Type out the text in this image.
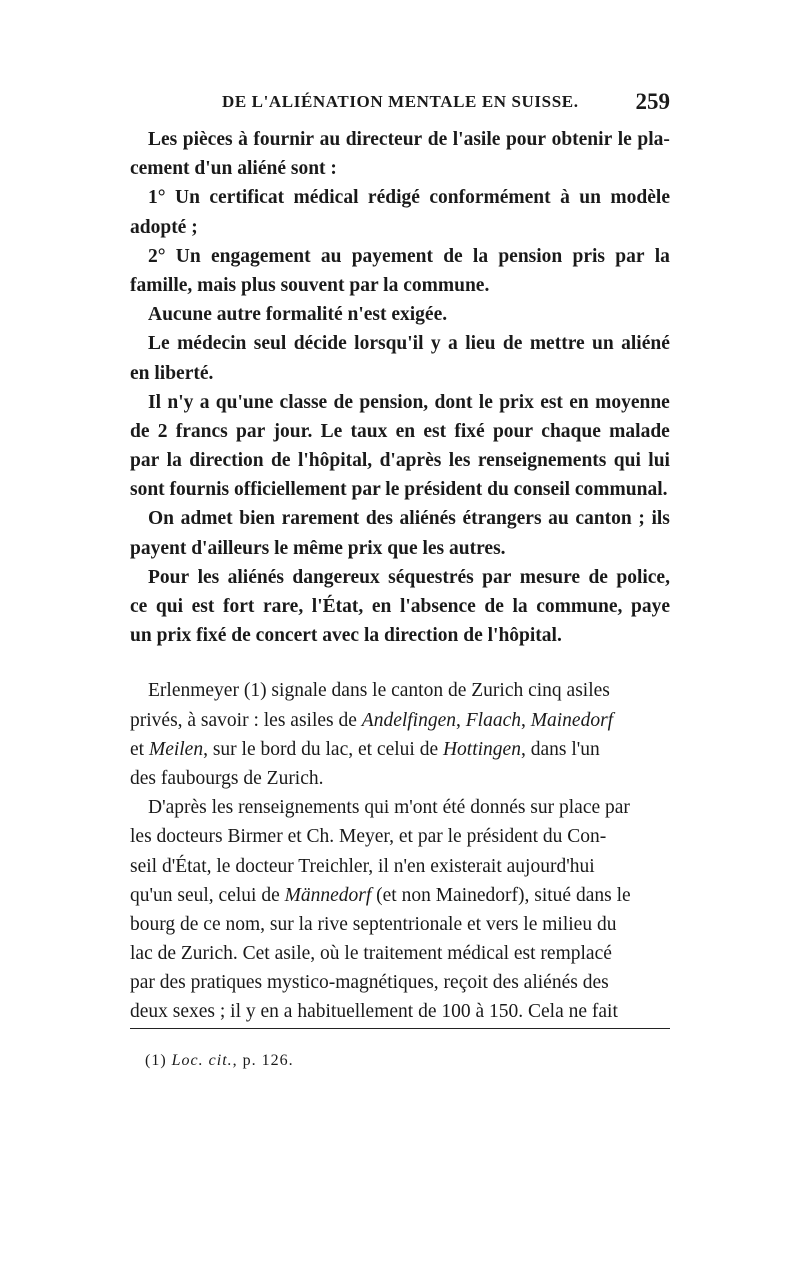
DE L'ALIÉNATION MENTALE EN SUISSE. 259
Les pièces à fournir au directeur de l'asile pour obtenir le pla-
cement d'un aliéné sont :
1° Un certificat médical rédigé conformément à un modèle
adopté ;
2° Un engagement au payement de la pension pris par la
famille, mais plus souvent par la commune.
Aucune autre formalité n'est exigée.
Le médecin seul décide lorsqu'il y a lieu de mettre un aliéné
en liberté.
Il n'y a qu'une classe de pension, dont le prix est en moyenne
de 2 francs par jour. Le taux en est fixé pour chaque malade
par la direction de l'hôpital, d'après les renseignements qui lui
sont fournis officiellement par le président du conseil communal.
On admet bien rarement des aliénés étrangers au canton ; ils
payent d'ailleurs le même prix que les autres.
Pour les aliénés dangereux séquestrés par mesure de police,
ce qui est fort rare, l'État, en l'absence de la commune, paye
un prix fixé de concert avec la direction de l'hôpital.
Erlenmeyer (1) signale dans le canton de Zurich cinq asiles
privés, à savoir : les asiles de Andelfingen, Flaach, Mainedorf
et Meilen, sur le bord du lac, et celui de Hottingen, dans l'un
des faubourgs de Zurich.
D'après les renseignements qui m'ont été donnés sur place par
les docteurs Birmer et Ch. Meyer, et par le président du Con-
seil d'État, le docteur Treichler, il n'en existerait aujourd'hui
qu'un seul, celui de Männedorf (et non Mainedorf), situé dans le
bourg de ce nom, sur la rive septentrionale et vers le milieu du
lac de Zurich. Cet asile, où le traitement médical est remplacé
par des pratiques mystico-magnétiques, reçoit des aliénés des
deux sexes ; il y en a habituellement de 100 à 150. Cela ne fait
(1) Loc. cit., p. 126.
